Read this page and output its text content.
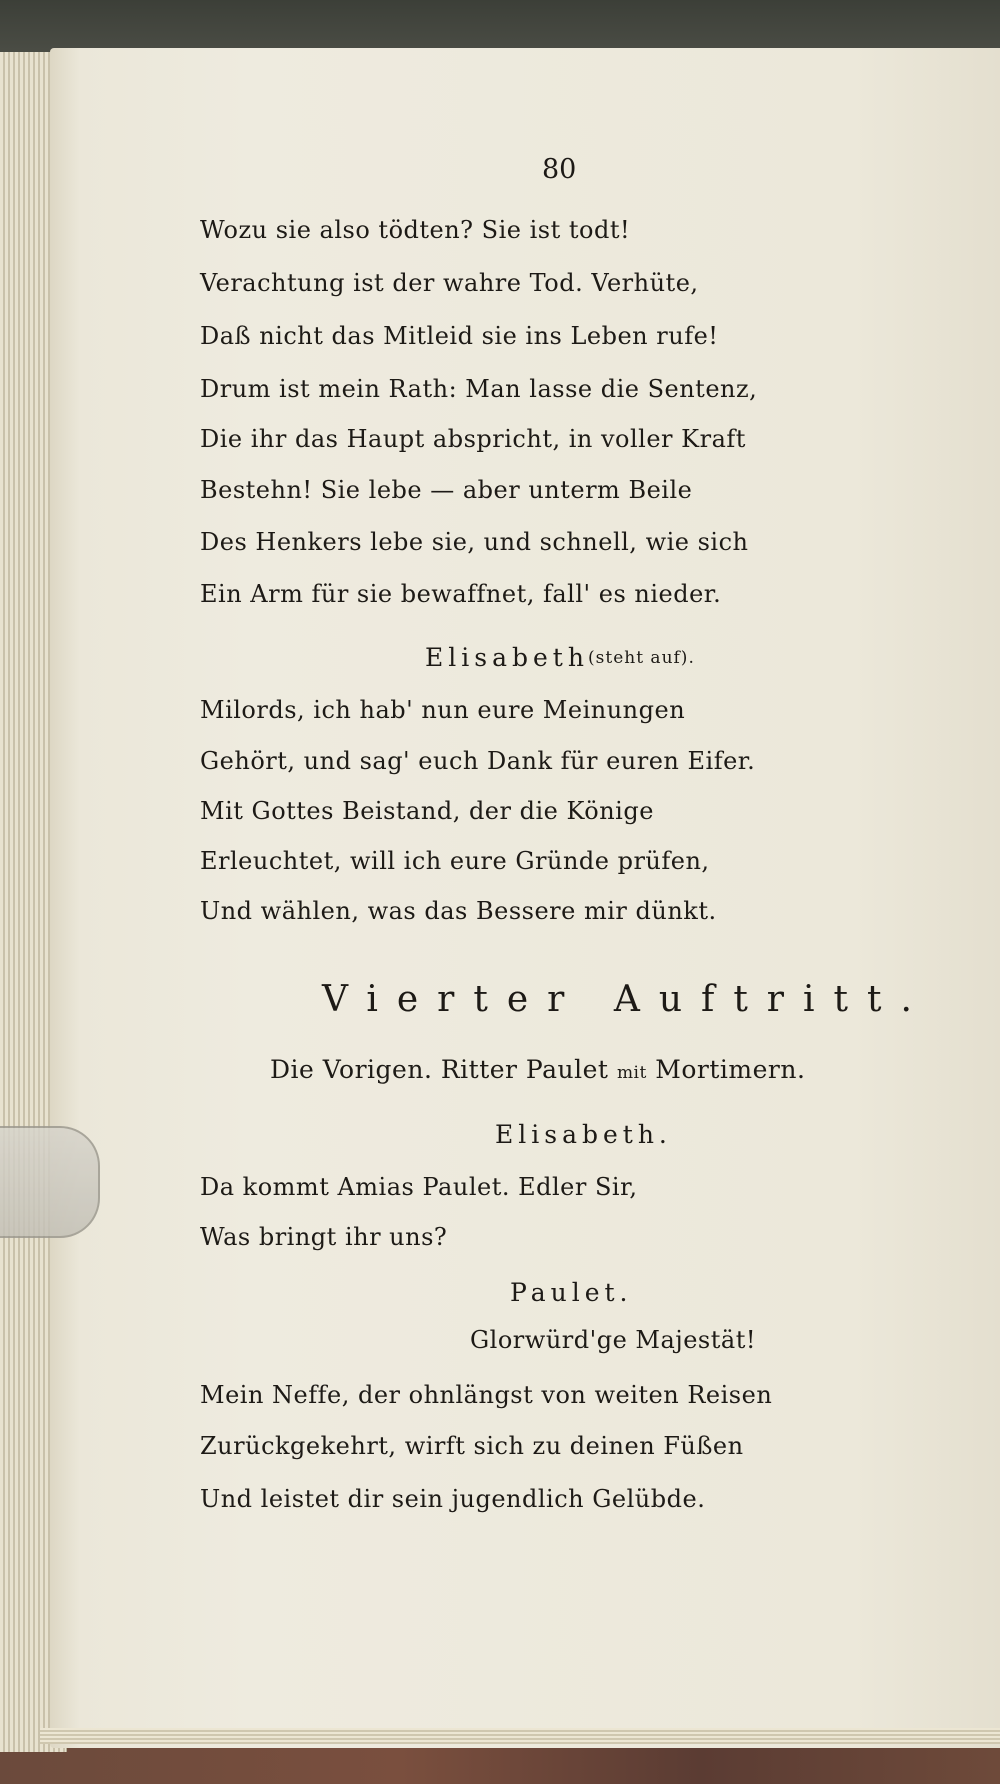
80
Wozu sie also tödten? Sie ist todt!
Verachtung ist der wahre Tod. Verhüte,
Daß nicht das Mitleid sie ins Leben rufe!
Drum ist mein Rath: Man lasse die Sentenz,
Die ihr das Haupt abspricht, in voller Kraft
Bestehn! Sie lebe — aber unterm Beile
Des Henkers lebe sie, und schnell, wie sich
Ein Arm für sie bewaffnet, fall' es nieder.
Elisabeth (steht auf).
Milords, ich hab' nun eure Meinungen
Gehört, und sag' euch Dank für euren Eifer.
Mit Gottes Beistand, der die Könige
Erleuchtet, will ich eure Gründe prüfen,
Und wählen, was das Bessere mir dünkt.
Vierter Auftritt.
Die Vorigen. Ritter Paulet mit Mortimern.
Elisabeth.
Da kommt Amias Paulet. Edler Sir,
Was bringt ihr uns?
Paulet.
Glorwürd'ge Majestät!
Mein Neffe, der ohnlängst von weiten Reisen
Zurückgekehrt, wirft sich zu deinen Füßen
Und leistet dir sein jugendlich Gelübde.
